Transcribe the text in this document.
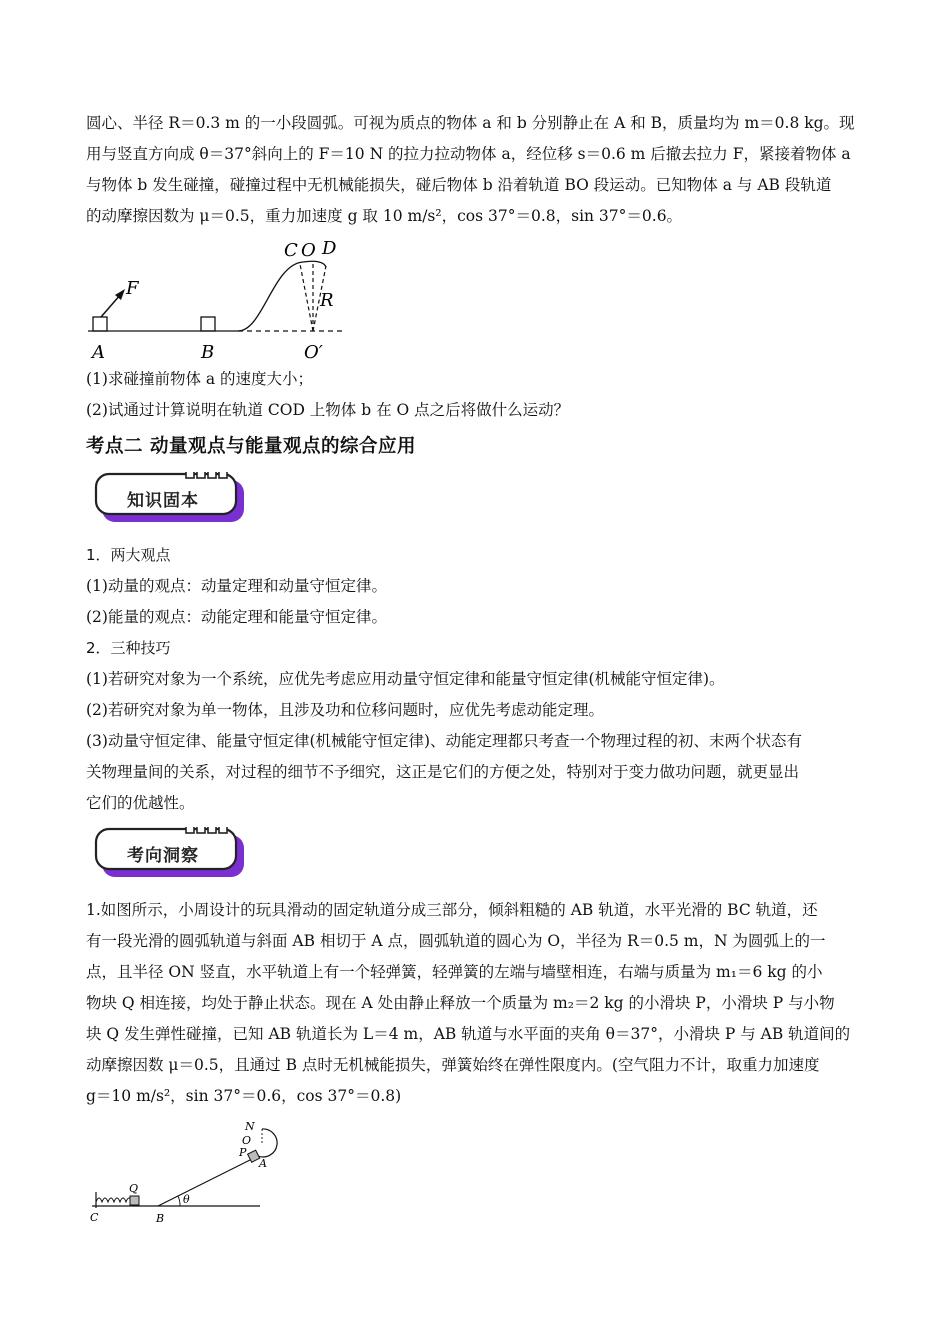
圆心、半径 R＝0.3 m 的一小段圆弧。可视为质点的物体 a 和 b 分别静止在 A 和 B，质量均为 m＝0.8 kg。现

用与竖直方向成 θ＝37°斜向上的 F＝10 N 的拉力拉动物体 a，经位移 s＝0.6 m 后撤去拉力 F，紧接着物体 a

与物体 b 发生碰撞，碰撞过程中无机械能损失，碰后物体 b 沿着轨道 BO 段运动。已知物体 a 与 AB 段轨道

的动摩擦因数为 μ＝0.5，重力加速度 g 取 10 m/s²，cos 37°＝0.8，sin 37°＝0.6。

F
C O D
R
A	B	O′

(1)求碰撞前物体 a 的速度大小；

(2)试通过计算说明在轨道 COD 上物体 b 在 O 点之后将做什么运动？

考点二 动量观点与能量观点的综合应用
知识固本

1．两大观点

(1)动量的观点：动量定理和动量守恒定律。

(2)能量的观点：动能定理和能量守恒定律。

2．三种技巧

(1)若研究对象为一个系统，应优先考虑应用动量守恒定律和能量守恒定律(机械能守恒定律)。

(2)若研究对象为单一物体，且涉及功和位移问题时，应优先考虑动能定理。

(3)动量守恒定律、能量守恒定律(机械能守恒定律)、动能定理都只考查一个物理过程的初、末两个状态有

关物理量间的关系，对过程的细节不予细究，这正是它们的方便之处，特别对于变力做功问题，就更显出

它们的优越性。

考向洞察

1.如图所示，小周设计的玩具滑动的固定轨道分成三部分，倾斜粗糙的 AB 轨道，水平光滑的 BC 轨道，还

有一段光滑的圆弧轨道与斜面 AB 相切于 A 点，圆弧轨道的圆心为 O，半径为 R＝0.5 m，N 为圆弧上的一

点，且半径 ON 竖直，水平轨道上有一个轻弹簧，轻弹簧的左端与墙壁相连，右端与质量为 m₁＝6 kg 的小

物块 Q 相连接，均处于静止状态。现在 A 处由静止释放一个质量为 m₂＝2 kg 的小滑块 P，小滑块 P 与小物

块 Q 发生弹性碰撞，已知 AB 轨道长为 L＝4 m，AB 轨道与水平面的夹角 θ＝37°，小滑块 P 与 AB 轨道间的

动摩擦因数 μ＝0.5，且通过 B 点时无机械能损失，弹簧始终在弹性限度内。(空气阻力不计，取重力加速度

g＝10 m/s²，sin 37°＝0.6，cos 37°＝0.8)

θ
N
O
P
A
Q
C	B
